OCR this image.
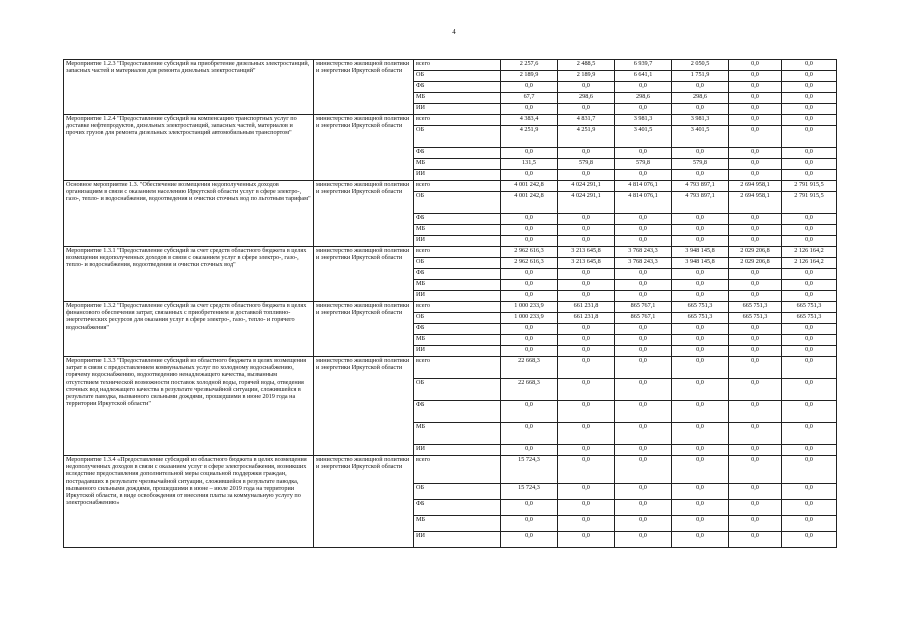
4
Мероприятие 1.2.3 "Предоставление субсидий на приобретение дизельных электростанций, запасных частей и материалов для ремонта дизельных электростанций"	министерство жилищной политики и энергетики Иркутской области	всего	2 257,6	2 488,5	6 939,7	2 050,5	0,0	0,0
		ОБ	2 189,9	2 189,9	6 641,1	1 751,9	0,0	0,0
		ФБ	0,0	0,0	0,0	0,0	0,0	0,0
		МБ	67,7	298,6	298,6	298,6	0,0	0,0
		ИИ	0,0	0,0	0,0	0,0	0,0	0,0
Мероприятие 1.2.4 "Предоставление субсидий на компенсацию транспортных услуг по доставке нефтепродуктов, дизельных электростанций, запасных частей, материалов и прочих грузов для ремонта дизельных электростанций автомобильным транспортом"	министерство жилищной политики и энергетики Иркутской области	всего	4 383,4	4 831,7	3 981,3	3 981,3	0,0	0,0
		ОБ	4 251,9	4 251,9	3 401,5	3 401,5	0,0	0,0
		ФБ	0,0	0,0	0,0	0,0	0,0	0,0
		МБ	131,5	579,8	579,8	579,8	0,0	0,0
		ИИ	0,0	0,0	0,0	0,0	0,0	0,0
Основное мероприятие 1.3. "Обеспечение возмещения недополученных доходов организациям в связи с оказанием населению Иркутской области услуг в сфере электро-, газо-, тепло- и водоснабжения, водоотведения и очистки сточных вод по льготным тарифам"	министерство жилищной политики и энергетики Иркутской области	всего	4 001 242,8	4 024 291,1	4 814 076,1	4 793 897,1	2 694 958,1	2 791 915,5
		ОБ	4 001 242,8	4 024 291,1	4 814 076,1	4 793 897,1	2 694 958,1	2 791 915,5
		ФБ	0,0	0,0	0,0	0,0	0,0	0,0
		МБ	0,0	0,0	0,0	0,0	0,0	0,0
		ИИ	0,0	0,0	0,0	0,0	0,0	0,0
Мероприятие 1.3.1 "Предоставление субсидий за счет средств областного бюджета в целях возмещения недополученных доходов в связи с оказанием услуг в сфере электро-, газо-, тепло- и водоснабжения, водоотведения и очистки сточных вод"	министерство жилищной политики и энергетики Иркутской области	всего	2 962 616,3	3 213 645,8	3 768 243,3	3 948 145,8	2 029 206,8	2 126 164,2
		ОБ	2 962 616,3	3 213 645,8	3 768 243,3	3 948 145,8	2 029 206,8	2 126 164,2
		ФБ	0,0	0,0	0,0	0,0	0,0	0,0
		МБ	0,0	0,0	0,0	0,0	0,0	0,0
		ИИ	0,0	0,0	0,0	0,0	0,0	0,0
Мероприятие 1.3.2 "Предоставление субсидий за счет средств областного бюджета в целях финансового обеспечения затрат, связанных с приобретением и доставкой топливно-энергетических ресурсов для оказания услуг в сфере электро-, газо-, тепло- и горячего водоснабжения"	министерство жилищной политики и энергетики Иркутской области	всего	1 000 233,9	661 231,8	865 767,1	665 751,3	665 751,3	665 751,3
		ОБ	1 000 233,9	661 231,8	865 767,1	665 751,3	665 751,3	665 751,3
		ФБ	0,0	0,0	0,0	0,0	0,0	0,0
		МБ	0,0	0,0	0,0	0,0	0,0	0,0
		ИИ	0,0	0,0	0,0	0,0	0,0	0,0
Мероприятие 1.3.3 "Предоставление субсидий из областного бюджета в целях возмещения затрат в связи с предоставлением коммунальных услуг по холодному водоснабжению, горячему водоснабжению, водоотведению ненадлежащего качества, вызванным отсутствием технической возможности поставок холодной воды, горячей воды, отведения сточных вод надлежащего качества в результате чрезвычайной ситуации, сложившейся в результате паводка, вызванного сильными дождями, прошедшими в июне 2019 года на территории Иркутской области"	министерство жилищной политики и энергетики Иркутской области	всего	22 668,3	0,0	0,0	0,0	0,0	0,0
		ОБ	22 668,3	0,0	0,0	0,0	0,0	0,0
		ФБ	0,0	0,0	0,0	0,0	0,0	0,0
		МБ	0,0	0,0	0,0	0,0	0,0	0,0
		ИИ	0,0	0,0	0,0	0,0	0,0	0,0
Мероприятие 1.3.4 «Предоставление субсидий из областного бюджета в целях возмещения недополученных доходов в связи с оказанием услуг в сфере электроснабжения, возникших вследствие предоставления дополнительной меры социальной поддержки граждан, пострадавших в результате чрезвычайной ситуации, сложившейся в результате паводка, вызванного сильными дождями, прошедшими в июне – июле 2019 года на территории Иркутской области, в виде освобождения от внесения платы за коммунальную услугу по электроснабжению»	министерство жилищной политики и энергетики Иркутской области	всего	15 724,3	0,0	0,0	0,0	0,0	0,0
		ОБ	15 724,3	0,0	0,0	0,0	0,0	0,0
		ФБ	0,0	0,0	0,0	0,0	0,0	0,0
		МБ	0,0	0,0	0,0	0,0	0,0	0,0
		ИИ	0,0	0,0	0,0	0,0	0,0	0,0
